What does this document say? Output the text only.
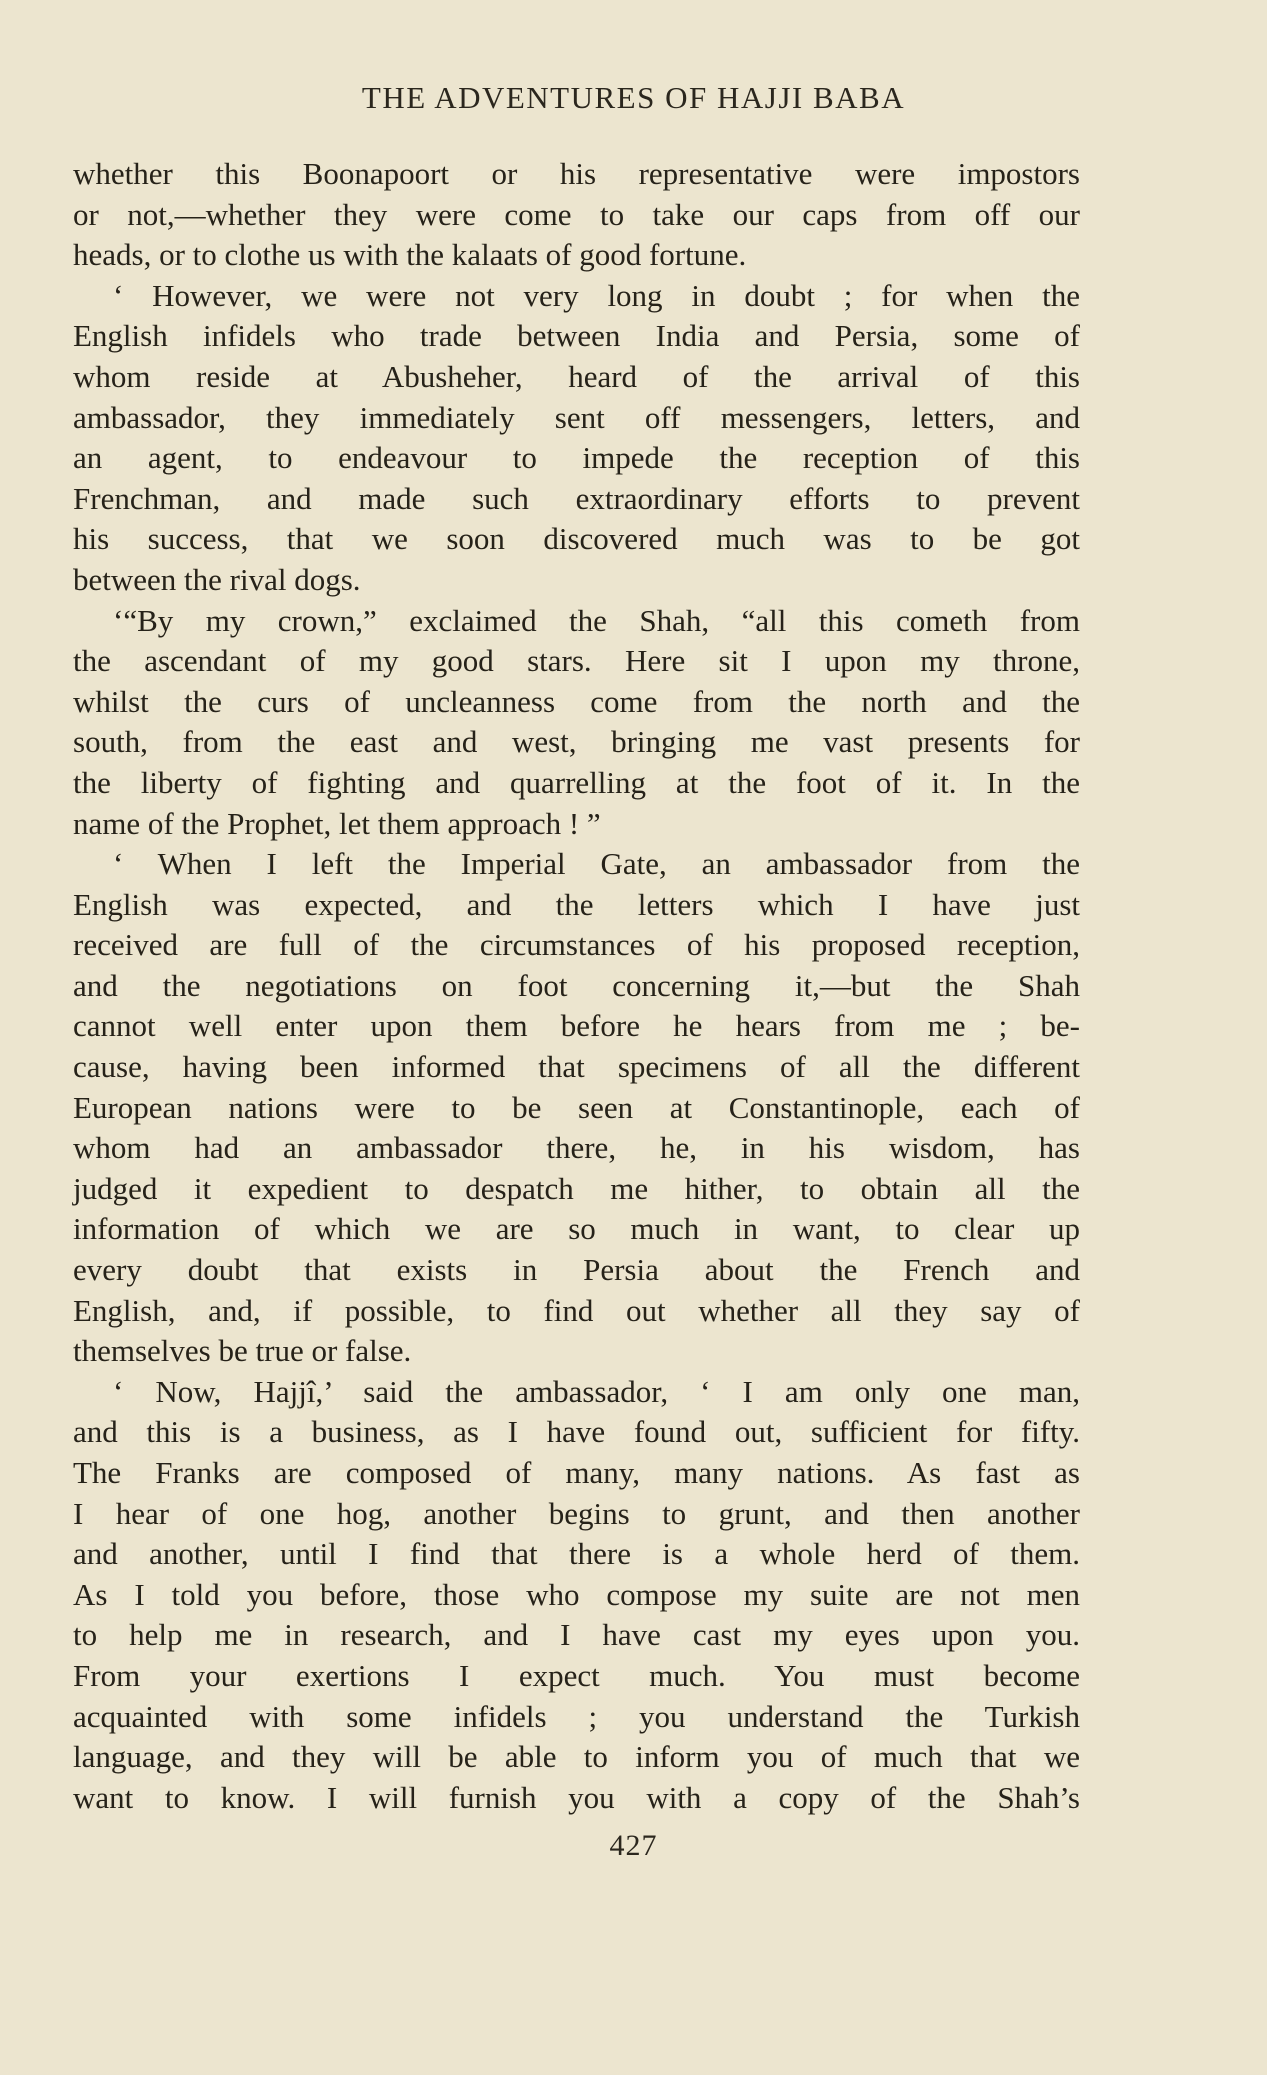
THE ADVENTURES OF HAJJI BABA
whether this Boonapoort or his representative were impostors
or not,—whether they were come to take our caps from off our
heads, or to clothe us with the kalaats of good fortune.
‘ However, we were not very long in doubt ; for when the
English infidels who trade between India and Persia, some of
whom reside at Abusheher, heard of the arrival of this
ambassador, they immediately sent off messengers, letters, and
an agent, to endeavour to impede the reception of this
Frenchman, and made such extraordinary efforts to prevent
his success, that we soon discovered much was to be got
between the rival dogs.
‘“By my crown,” exclaimed the Shah, “all this cometh from
the ascendant of my good stars. Here sit I upon my throne,
whilst the curs of uncleanness come from the north and the
south, from the east and west, bringing me vast presents for
the liberty of fighting and quarrelling at the foot of it. In the
name of the Prophet, let them approach ! ”
‘ When I left the Imperial Gate, an ambassador from the
English was expected, and the letters which I have just
received are full of the circumstances of his proposed reception,
and the negotiations on foot concerning it,—but the Shah
cannot well enter upon them before he hears from me ; be-
cause, having been informed that specimens of all the different
European nations were to be seen at Constantinople, each of
whom had an ambassador there, he, in his wisdom, has
judged it expedient to despatch me hither, to obtain all the
information of which we are so much in want, to clear up
every doubt that exists in Persia about the French and
English, and, if possible, to find out whether all they say of
themselves be true or false.
‘ Now, Hajjî,’ said the ambassador, ‘ I am only one man,
and this is a business, as I have found out, sufficient for fifty.
The Franks are composed of many, many nations. As fast as
I hear of one hog, another begins to grunt, and then another
and another, until I find that there is a whole herd of them.
As I told you before, those who compose my suite are not men
to help me in research, and I have cast my eyes upon you.
From your exertions I expect much. You must become
acquainted with some infidels ; you understand the Turkish
language, and they will be able to inform you of much that we
want to know. I will furnish you with a copy of the Shah’s
427
